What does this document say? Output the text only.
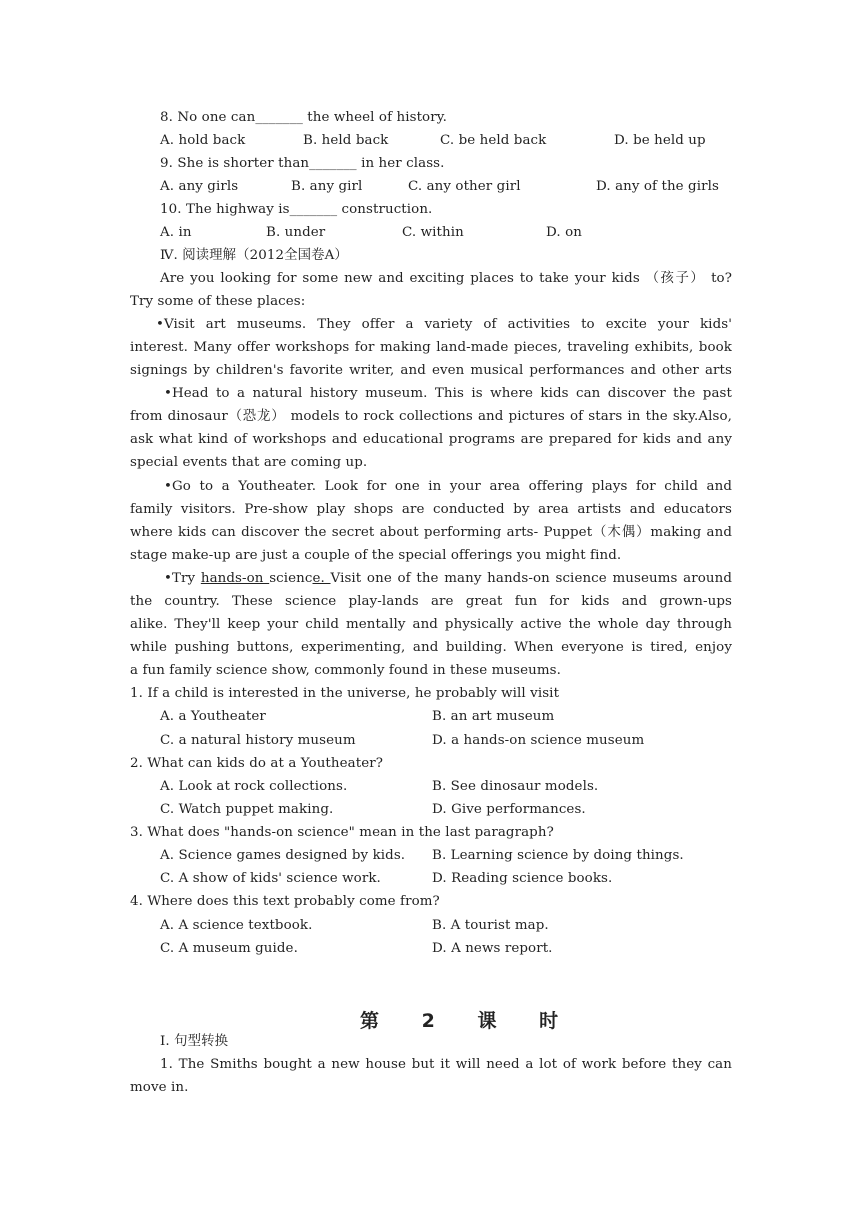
8. No one can_______ the wheel of history.
A. hold back	B. held back	C. be held back	D. be held up
9. She is shorter than_______ in her class.
A. any girls	B. any girl	C. any other girl	D. any of the girls
10. The highway is_______ construction.
A. in	B. under	C. within	D. on
Ⅳ. 阅读理解（2012全国卷A）
Are you looking for some new and exciting places to take your kids （孩子） to?
Try some of these places:
•Visit art museums. They offer a variety of activities to excite your kids'
interest. Many offer workshops for making land-made pieces, traveling exhibits, book
signings by children's favorite writer, and even musical performances and other arts
•Head to a natural history museum. This is where kids can discover the past
from dinosaur（恐龙） models to rock collections and pictures of stars in the sky.Also,
ask what kind of workshops and educational programs are prepared for kids and any
special events that are coming up.
•Go to a Youtheater. Look for one in your area offering plays for child and
family visitors. Pre-show play shops are conducted by area artists and educators
where kids can discover the secret about performing arts- Puppet（木偶）making and
stage make-up are just a couple of the special offerings you might find.
•Try hands-on science. Visit one of the many hands-on science museums around
the country. These science play-lands are great fun for kids and grown-ups
alike. They'll keep your child mentally and physically active the whole day through
while pushing buttons, experimenting, and building. When everyone is tired, enjoy
a fun family science show, commonly found in these museums.
1. If a child is interested in the universe, he probably will visit
A. a Youtheater	B. an art museum
C. a natural history museum	D. a hands-on science museum
2. What can kids do at a Youtheater?
A. Look at rock collections.	B. See dinosaur models.
C. Watch puppet making.	D. Give performances.
3. What does "hands-on science" mean in the last paragraph?
A. Science games designed by kids. B. Learning science by doing things.
C. A show of kids' science work.	D. Reading science books.
4. Where does this text probably come from?
A. A science textbook.	B. A tourist map.
C. A museum guide.	D. A news report.
第 2 课 时
Ⅰ. 句型转换
1. The Smiths bought a new house but it will need a lot of work before they can
move in.
